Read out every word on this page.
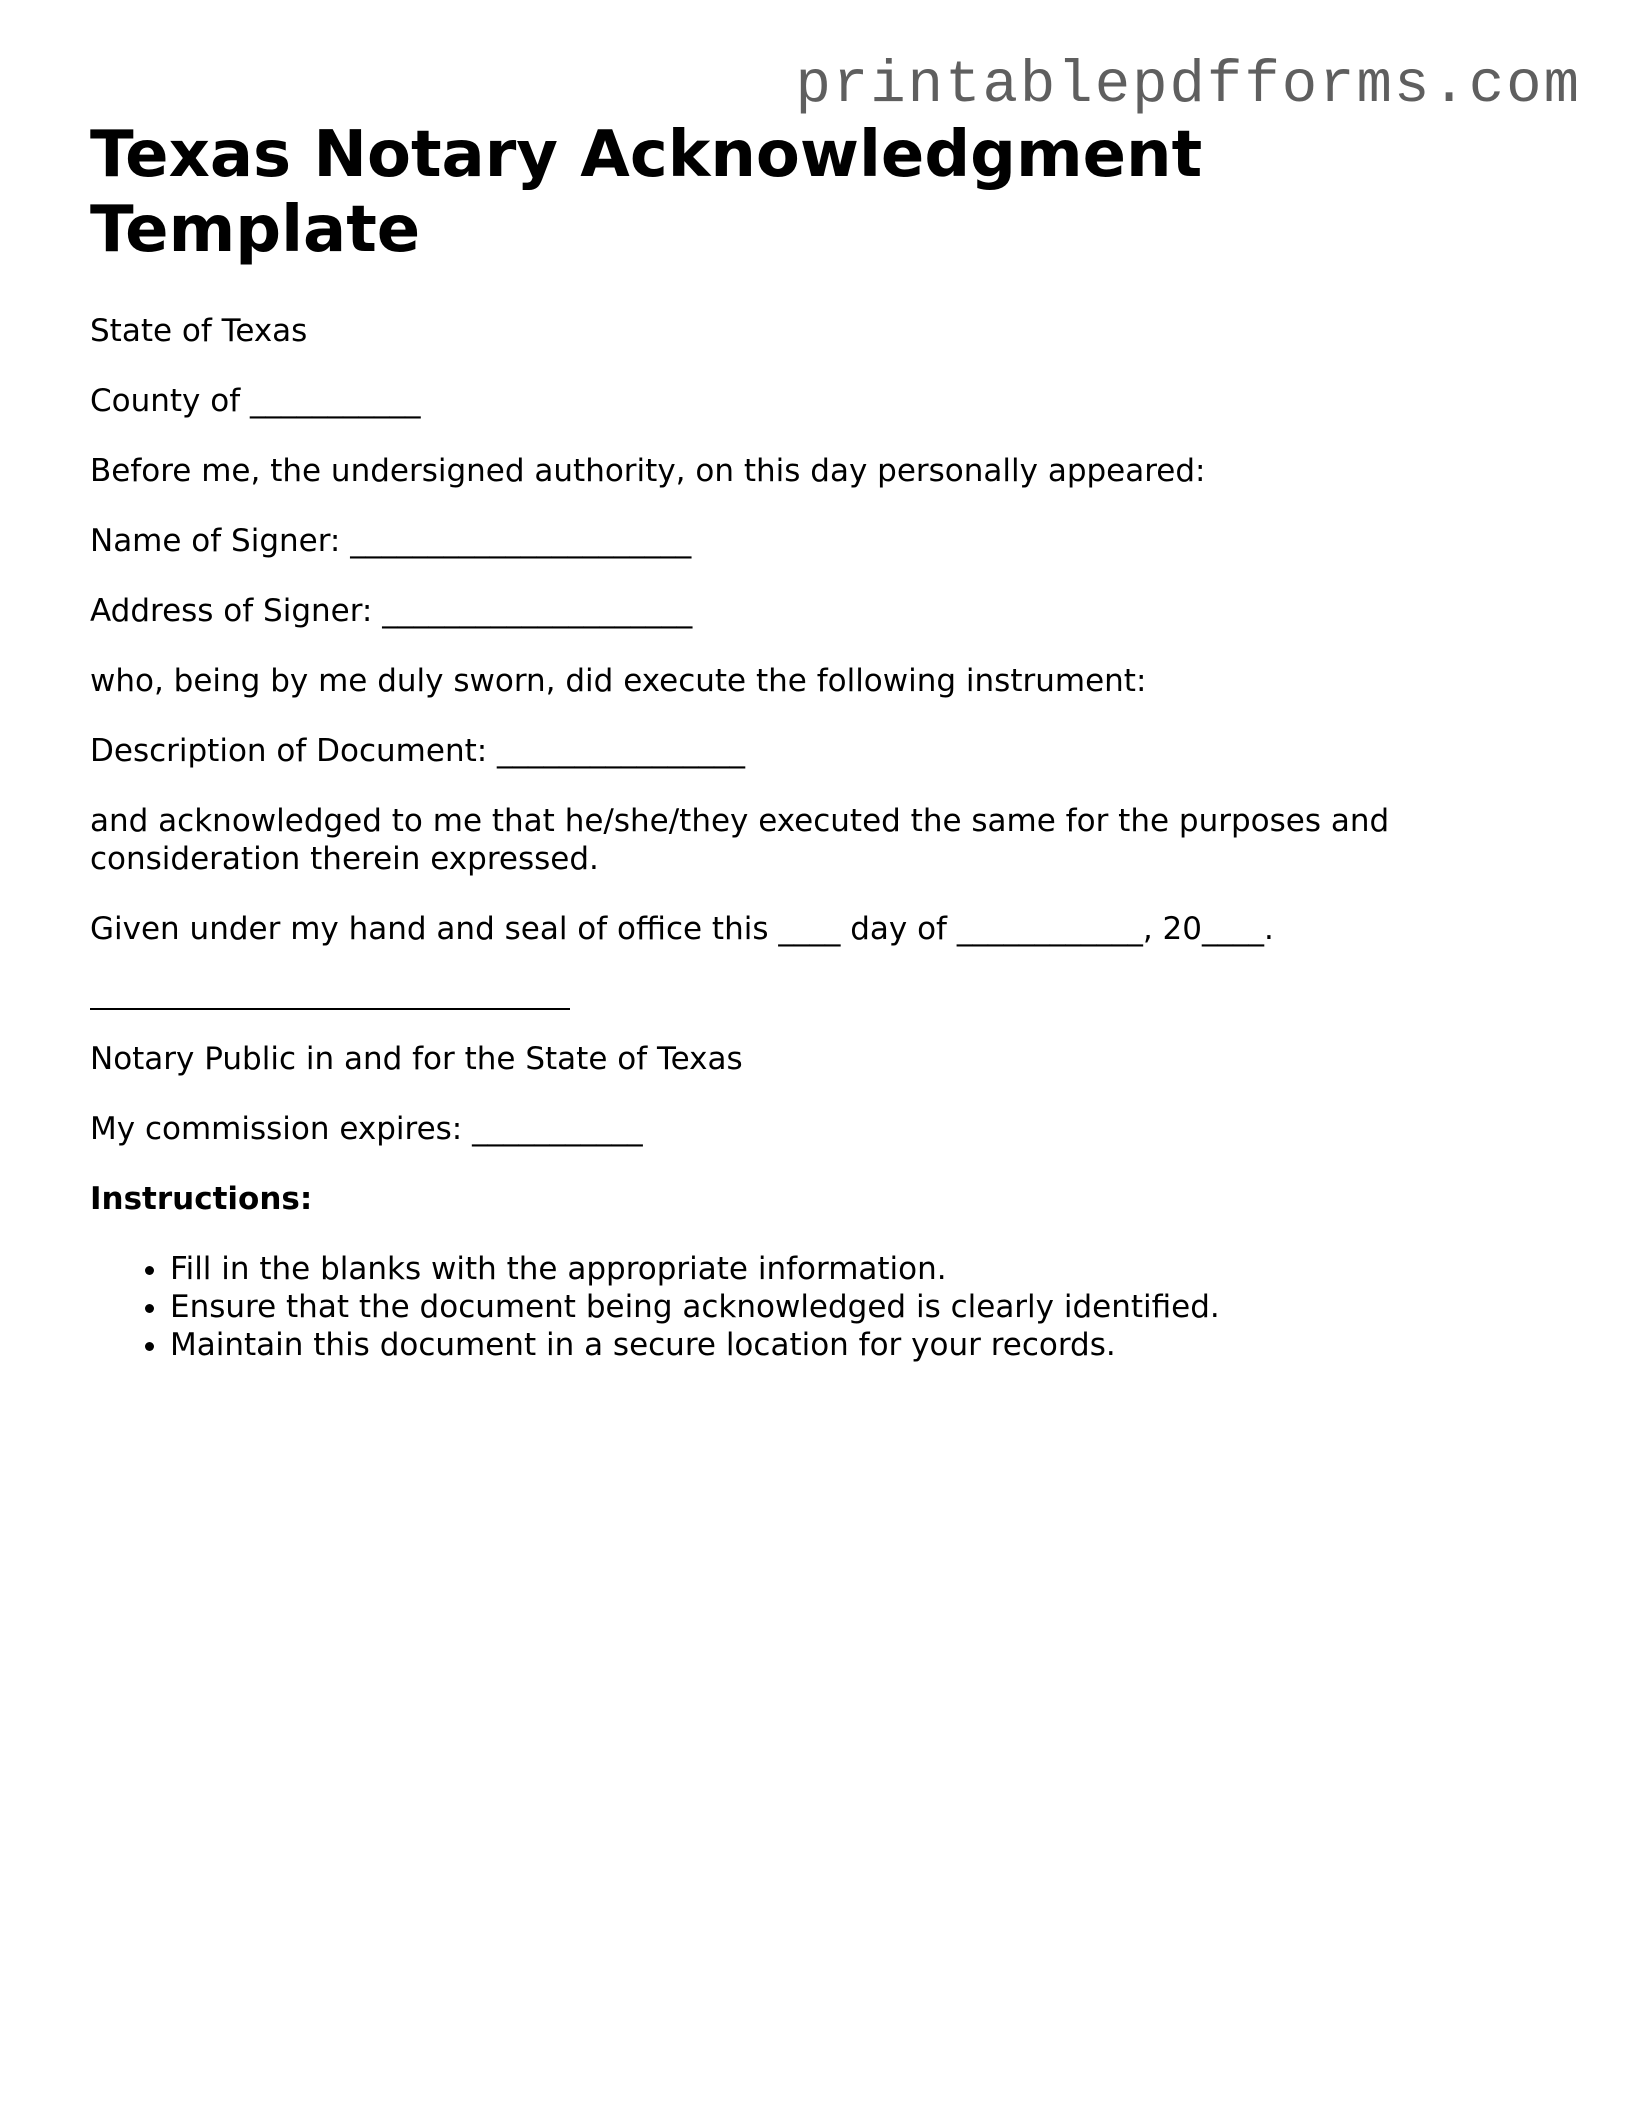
printablepdfforms.com
Texas Notary Acknowledgment Template

State of Texas

County of ___________

Before me, the undersigned authority, on this day personally appeared:

Name of Signer: ______________________

Address of Signer: ____________________

who, being by me duly sworn, did execute the following instrument:

Description of Document: ________________

and acknowledged to me that he/she/they executed the same for the purposes and consideration therein expressed.

Given under my hand and seal of office this ____ day of ____________, 20____.

Notary Public in and for the State of Texas

My commission expires: ___________

Instructions:

• Fill in the blanks with the appropriate information.
• Ensure that the document being acknowledged is clearly identified.
• Maintain this document in a secure location for your records.
